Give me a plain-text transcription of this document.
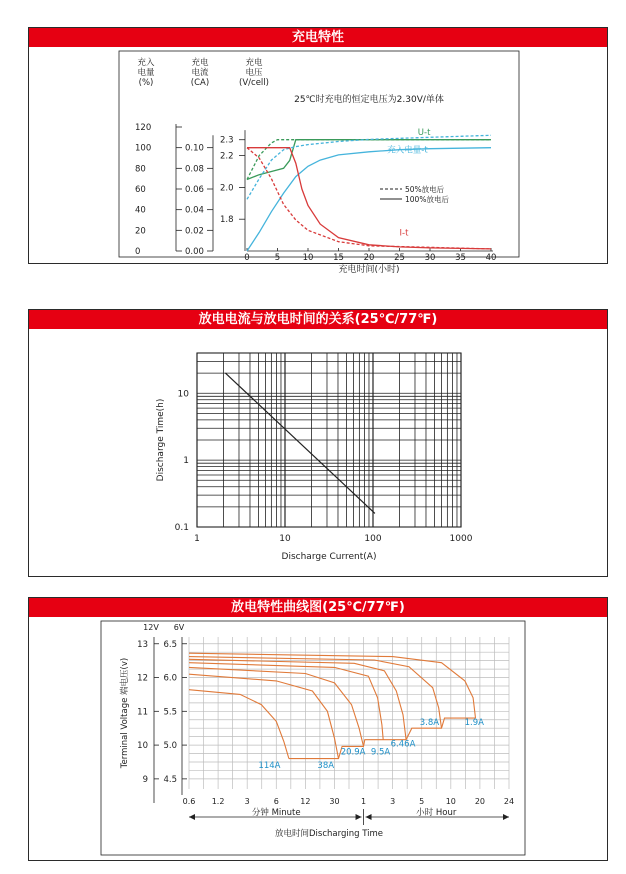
充电特性
充入
电量
(%)
充电
电流
(CA)
充电
电压
(V/cell)
25℃时充电的恒定电压为2.30V/单体
120
100
80
60
40
20
0
0.10
0.08
0.06
0.04
0.02
0.00
2.3
2.2
2.0
1.8
0	5	10 15 20 25 30 35 40
充电时间(小时)
U-t
充入电量-t
I-t
50%放电后
100%放电后
放电电流与放电时间的关系(25℃/77℉)
1	10	100	1000
0.1
1
10
Discharge Current(A)
Discharge Time(h)
放电特性曲线图(25℃/77℉)
12V 6V
13 6.5
12 6.0
11 5.5
10 5.0
9 4.5
Terminal Voltage 端电压(v)
0.6 1.2	3	6	12 30	1	3	5	10 20 24
分钟 Minute	小时 Hour
放电时间Discharging Time
114A	38A
20.9A 9.5A
6.46A
3.8A	1.9A
